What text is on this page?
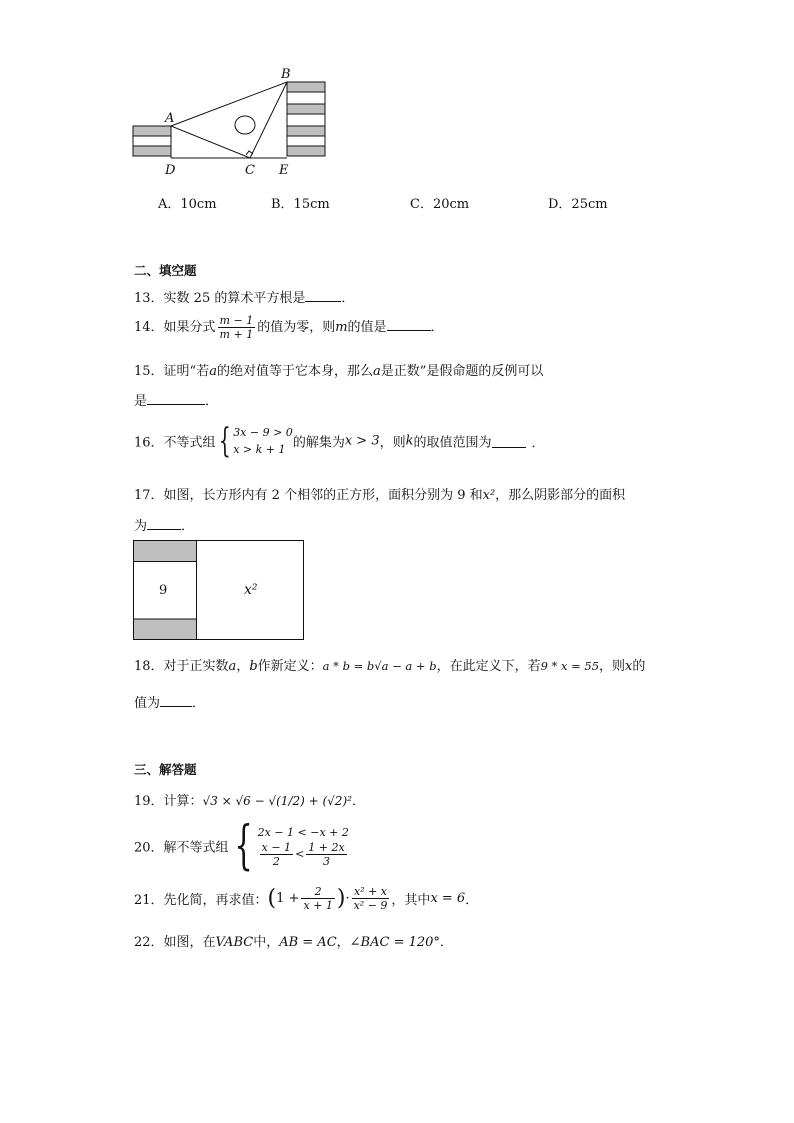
A
B
C
D	E
A．10cm	B．15cm	C．20cm	D．25cm
二、填空题
13．实数 25 的算术平方根是	．
14．如果分式 $\frac{m - 1}{m + 1}$ 的值为零，则m的值是	．
15．证明“若a的绝对值等于它本身，那么a是正数”是假命题的反例可以
是	．
16．不等式组{ 3x − 9 > 0
x > k + 1 的解集为x > 3，则k的取值范围为	．
17．如图，长方形内有 2 个相邻的正方形，面积分别为 9 和x²，那么阴影部分的面积
为	．
9	x²
18．对于正实数a，b作新定义：a * b = b√a − a + b，在此定义下，若9 * x = 55，则x的
值为 ．
三、解答题
19．计算：√3 × √6 − √(1/2) + (√2)²．
20．解不等式组 { 2x − 1 < −x + 2
$\frac{x - 1}{2} < \frac{1 + 2x}{3}$
21．先化简，再求值：($1 + \frac{2}{x + 1}$ )· $\frac{\text{x² + x}}{\text{x² − 9}}$ ，其中x = 6．
22．如图，在VABC中，AB = AC，∠BAC = 120°．
